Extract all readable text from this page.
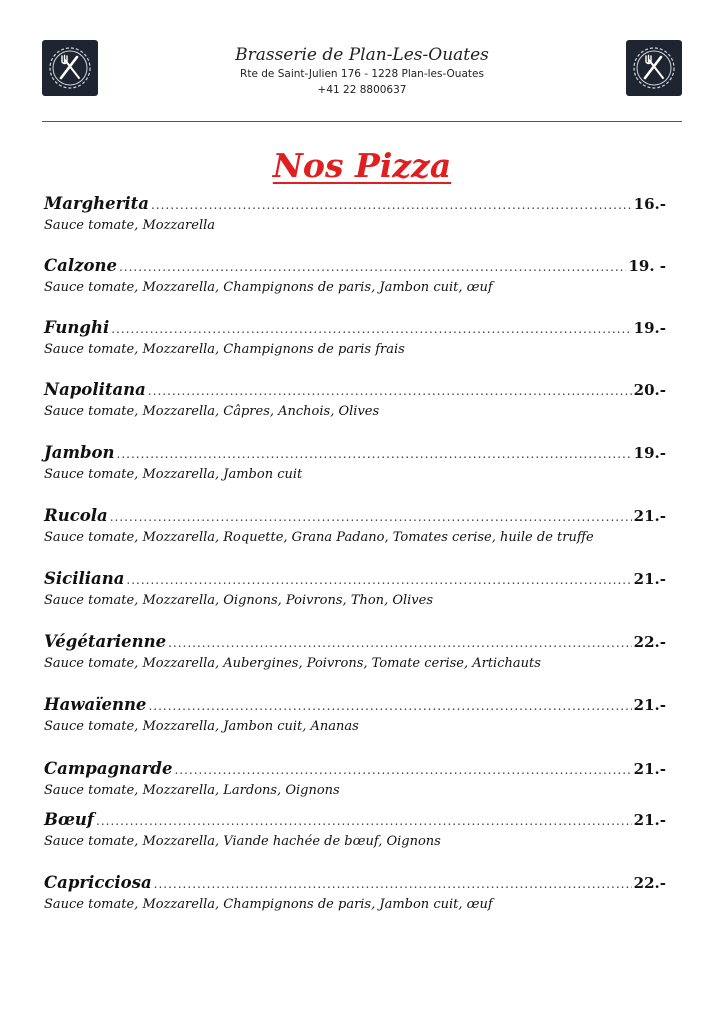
Brasserie de Plan-Les-Ouates
Rte de Saint-Julien 176 - 1228 Plan-les-Ouates
+41 22 8800637
Nos Pizza
Margherita .....	16.-
Sauce tomate, Mozzarella
Calzone .....	19. -
Sauce tomate, Mozzarella, Champignons de paris, Jambon cuit, œuf
Funghi .....	19.-
Sauce tomate, Mozzarella, Champignons de paris frais
Napolitana .....	20.-
Sauce tomate, Mozzarella, Câpres, Anchois, Olives
Jambon .....	19.-
Sauce tomate, Mozzarella, Jambon cuit
Rucola .....	21.-
Sauce tomate, Mozzarella, Roquette, Grana Padano, Tomates cerise, huile de truffe
Siciliana .....	21.-
Sauce tomate, Mozzarella, Oignons, Poivrons, Thon, Olives
Végétarienne .....	22.-
Sauce tomate, Mozzarella, Aubergines, Poivrons, Tomate cerise, Artichauts
Hawaïenne .....	21.-
Sauce tomate, Mozzarella, Jambon cuit, Ananas
Campagnarde .....	21.-
Sauce tomate, Mozzarella, Lardons, Oignons
Bœuf .....	21.-
Sauce tomate, Mozzarella, Viande hachée de bœuf, Oignons
Capricciosa .....	22.-
Sauce tomate, Mozzarella, Champignons de paris, Jambon cuit, œuf
